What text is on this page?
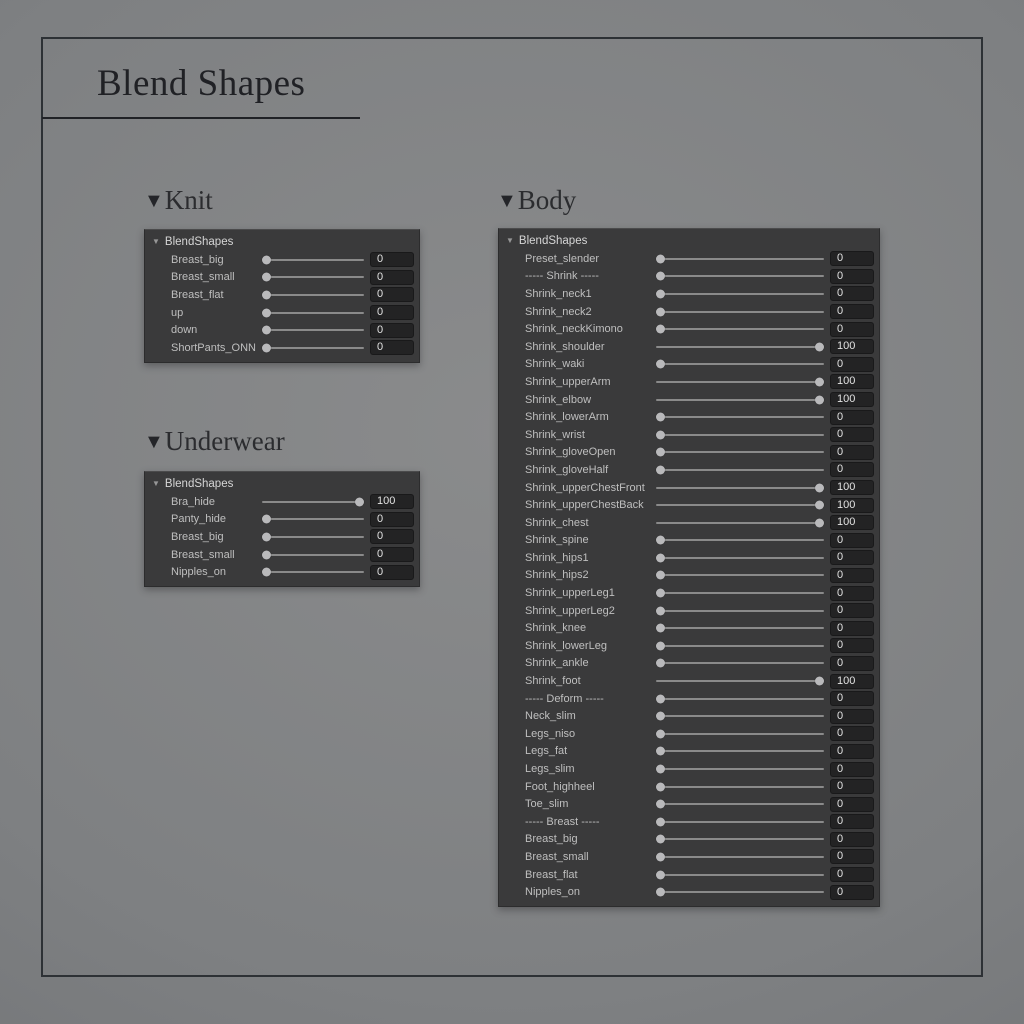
Blend Shapes
▼ Knit
▼ BlendShapes
Breast_big	0
Breast_small	0
Breast_flat	0
up	0
down	0
ShortPants_ONN	0
▼ Underwear
▼ BlendShapes
Bra_hide	100
Panty_hide	0
Breast_big	0
Breast_small	0
Nipples_on	0
▼ Body
▼ BlendShapes
Preset_slender	0
----- Shrink -----	0
Shrink_neck1	0
Shrink_neck2	0
Shrink_neckKimono	0
Shrink_shoulder	100
Shrink_waki	0
Shrink_upperArm	100
Shrink_elbow	100
Shrink_lowerArm	0
Shrink_wrist	0
Shrink_gloveOpen	0
Shrink_gloveHalf	0
Shrink_upperChestFront	100
Shrink_upperChestBack	100
Shrink_chest	100
Shrink_spine	0
Shrink_hips1	0
Shrink_hips2	0
Shrink_upperLeg1	0
Shrink_upperLeg2	0
Shrink_knee	0
Shrink_lowerLeg	0
Shrink_ankle	0
Shrink_foot	100
----- Deform -----	0
Neck_slim	0
Legs_niso	0
Legs_fat	0
Legs_slim	0
Foot_highheel	0
Toe_slim	0
----- Breast -----	0
Breast_big	0
Breast_small	0
Breast_flat	0
Nipples_on	0
